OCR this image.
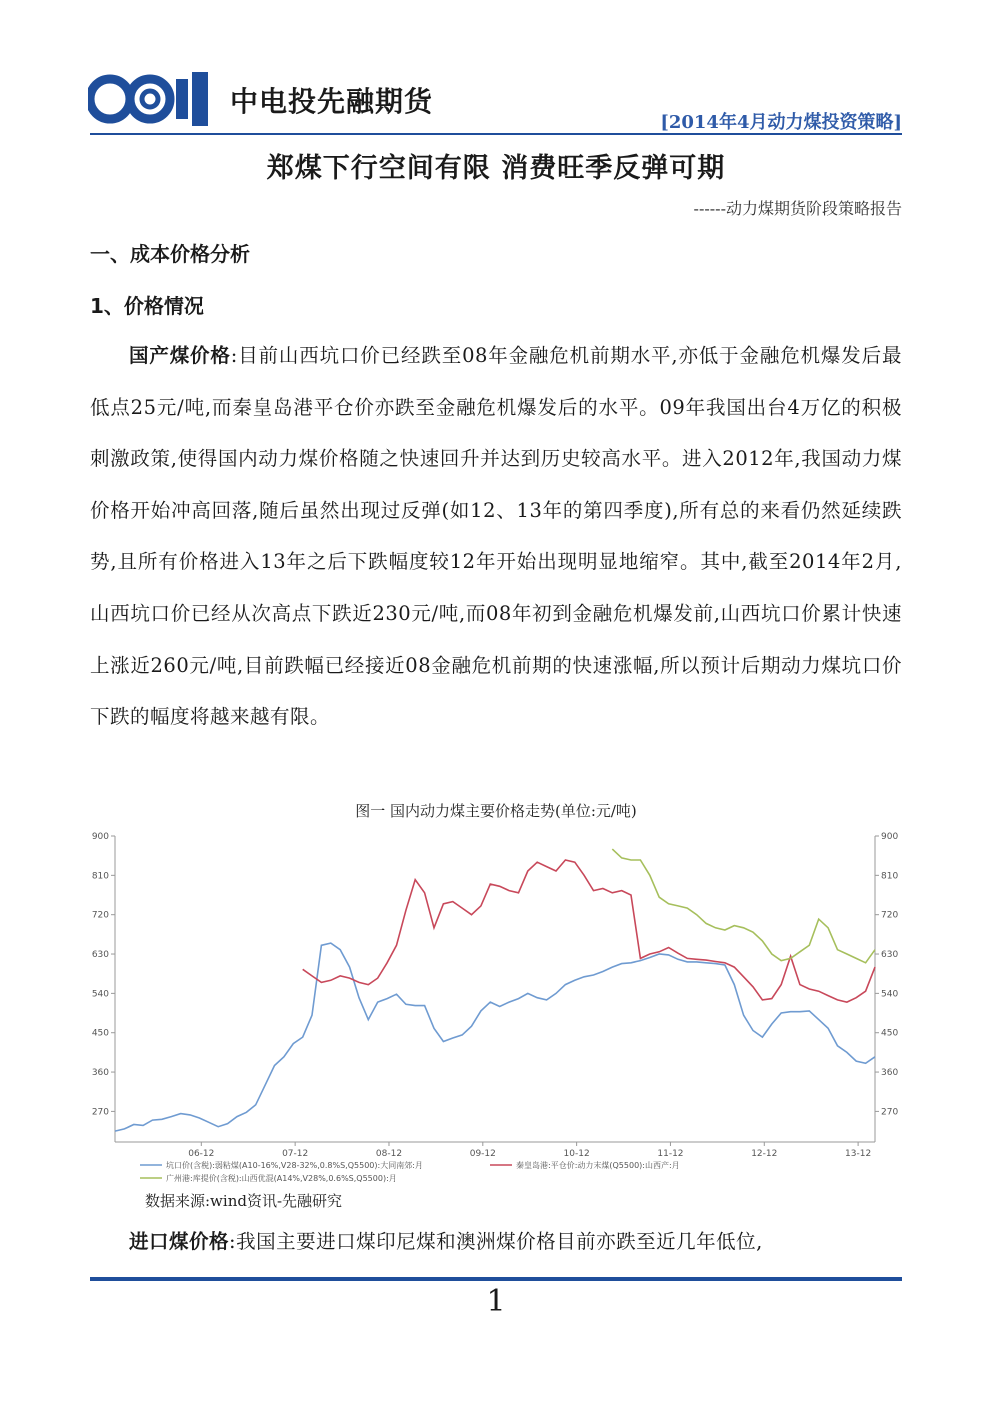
中电投先融期货
[2014年4月动力煤投资策略]
郑煤下行空间有限 消费旺季反弹可期
------动力煤期货阶段策略报告
一、成本价格分析
1、价格情况

国产煤价格:目前山西坑口价已经跌至08年金融危机前期水平,亦低于金融危机爆发后最低点25元/吨,而秦皇岛港平仓价亦跌至金融危机爆发后的水平。09年我国出台4万亿的积极刺激政策,使得国内动力煤价格随之快速回升并达到历史较高水平。进入2012年,我国动力煤价格开始冲高回落,随后虽然出现过反弹(如12、13年的第四季度),所有总的来看仍然延续跌势,且所有价格进入13年之后下跌幅度较12年开始出现明显地缩窄。其中,截至2014年2月,山西坑口价已经从次高点下跌近230元/吨,而08年初到金融危机爆发前,山西坑口价累计快速上涨近260元/吨,目前跌幅已经接近08金融危机前期的快速涨幅,所以预计后期动力煤坑口价下跌的幅度将越来越有限。

图一 国内动力煤主要价格走势(单位:元/吨)
900	900
810	810
720	720
630	630
540	540
450	450
360	360
270	270
06-12	07-12	08-12	09-12	10-12	11-12	12-12	13-12
坑口价(含税):弱粘煤(A10-16%,V28-32%,0.8%S,Q5500):大同南郊:月	秦皇岛港:平仓价:动力末煤(Q5500):山西产:月
广州港:库提价(含税):山西优混(A14%,V28%,0.6%S,Q5500):月
数据来源:wind资讯-先融研究

进口煤价格:我国主要进口煤印尼煤和澳洲煤价格目前亦跌至近几年低位,

1
